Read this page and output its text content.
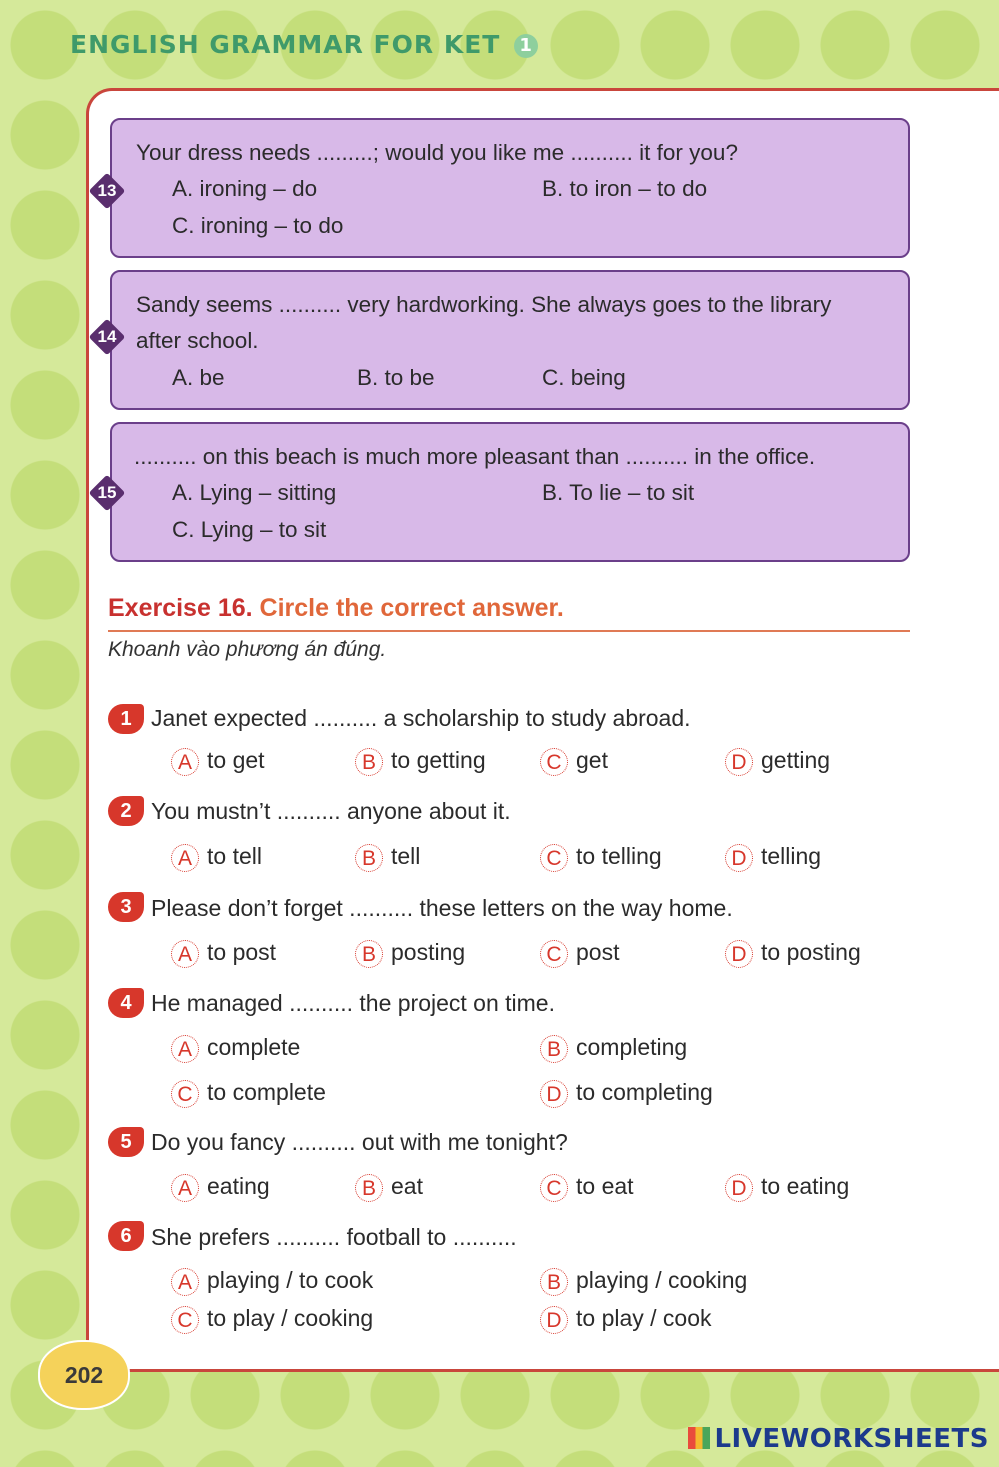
ENGLISH GRAMMAR FOR KET 1
Your dress needs .........; would you like me .......... it for you?
A. ironing – do	B. to iron – to do
C. ironing – to do
13
Sandy seems .......... very hardworking. She always goes to the library
after school.
A. be	B. to be	C. being
14
.......... on this beach is much more pleasant than .......... in the office.
A. Lying – sitting	B. To lie – to sit
C. Lying – to sit
15
Exercise 16. Circle the correct answer.
Khoanh vào phương án đúng.
1 Janet expected .......... a scholarship to study abroad.
A to get	B to getting	C get	D getting
2 You mustn’t .......... anyone about it.
A to tell	B tell	C to telling	D telling
3 Please don’t forget .......... these letters on the way home.
A to post	B posting	C post	D to posting
4 He managed .......... the project on time.
A complete	B completing
C to complete	D to completing
5 Do you fancy .......... out with me tonight?
A eating	B eat	C to eat	D to eating
6 She prefers .......... football to ..........
A playing / to cook	B playing / cooking
C to play / cooking	D to play / cook
202
LIVEWORKSHEETS
